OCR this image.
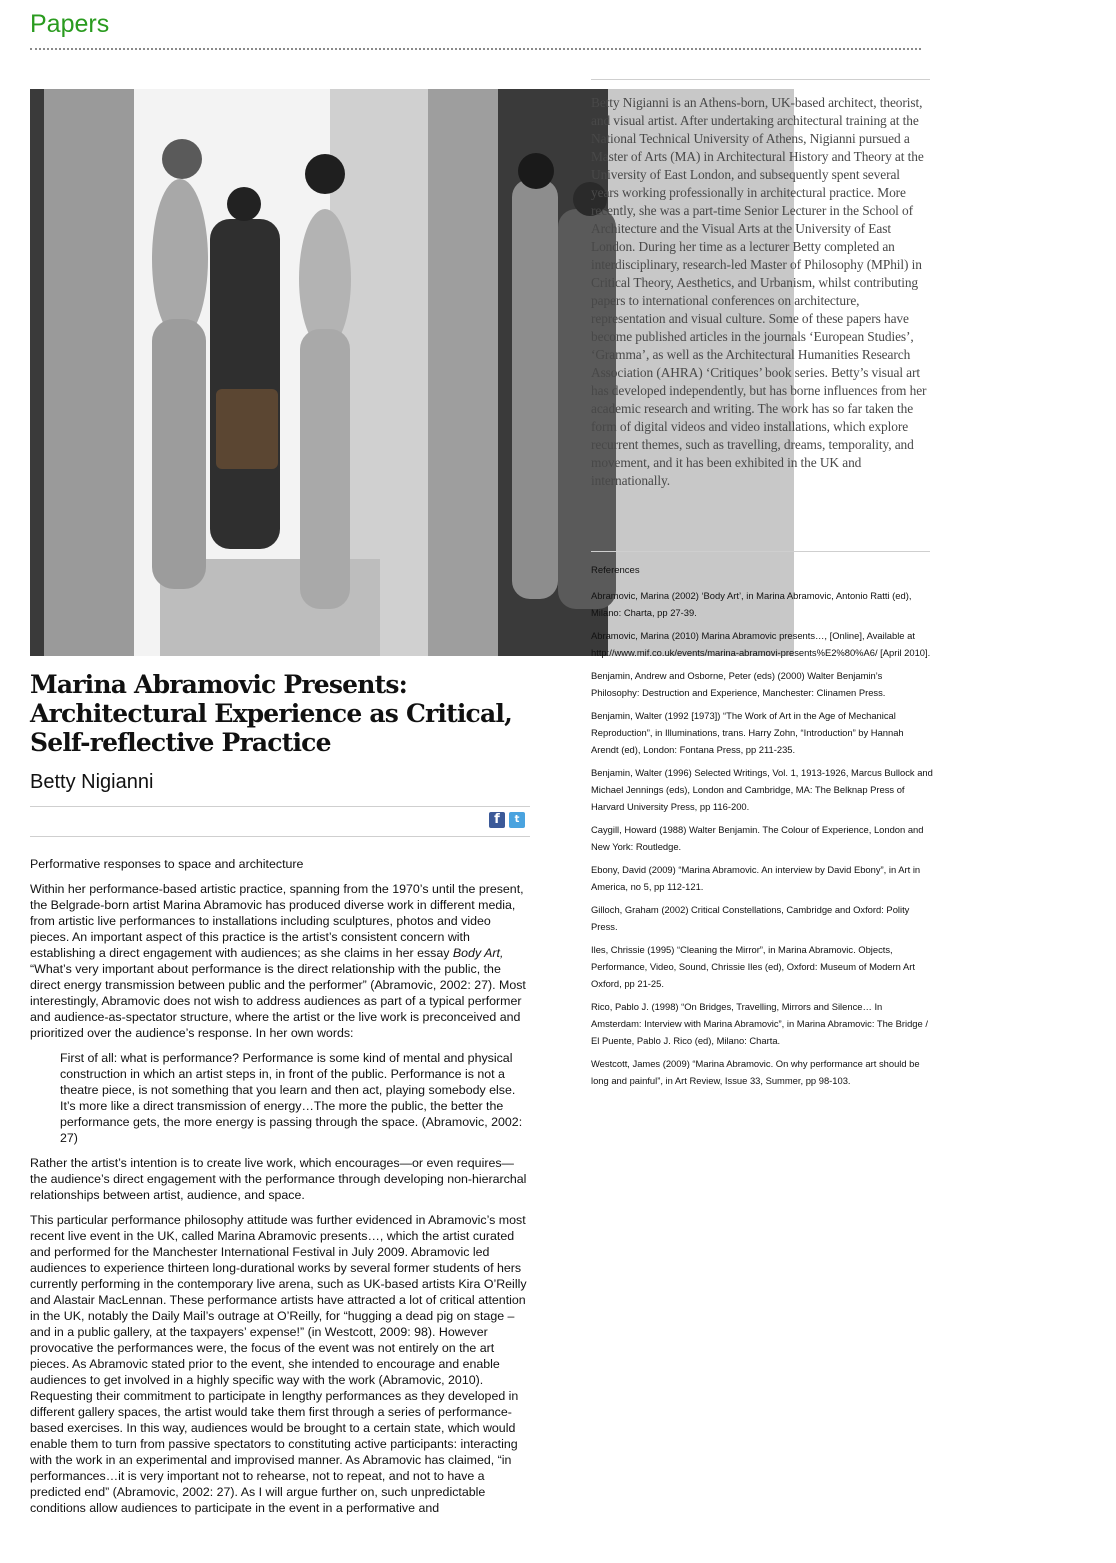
Papers

Betty Nigianni is an Athens-born, UK-based architect, theorist, and visual artist. After undertaking architectural training at the National Technical University of Athens, Nigianni pursued a Master of Arts (MA) in Architectural History and Theory at the University of East London, and subsequently spent several years working professionally in architectural practice. More recently, she was a part-time Senior Lecturer in the School of Architecture and the Visual Arts at the University of East London. During her time as a lecturer Betty completed an interdisciplinary, research-led Master of Philosophy (MPhil) in Critical Theory, Aesthetics, and Urbanism, whilst contributing papers to international conferences on architecture, representation and visual culture. Some of these papers have become published articles in the journals ‘European Studies’, ‘Gramma’, as well as the Architectural Humanities Research Association (AHRA) ‘Critiques’ book series. Betty’s visual art has developed independently, but has borne influences from her academic research and writing. The work has so far taken the form of digital videos and video installations, which explore recurrent themes, such as travelling, dreams, temporality, and movement, and it has been exhibited in the UK and internationally.

References
Abramovic, Marina (2002) ‘Body Art’, in Marina Abramovic, Antonio Ratti (ed), Milano: Charta, pp 27-39.
Abramovic, Marina (2010) Marina Abramovic presents…, [Online], Available at http://www.mif.co.uk/events/marina-abramovi-presents%E2%80%A6/ [April 2010].
Benjamin, Andrew and Osborne, Peter (eds) (2000) Walter Benjamin’s Philosophy: Destruction and Experience, Manchester: Clinamen Press.
Benjamin, Walter (1992 [1973]) “The Work of Art in the Age of Mechanical Reproduction”, in Illuminations, trans. Harry Zohn, “Introduction” by Hannah Arendt (ed), London: Fontana Press, pp 211-235.
Benjamin, Walter (1996) Selected Writings, Vol. 1, 1913-1926, Marcus Bullock and Michael Jennings (eds), London and Cambridge, MA: The Belknap Press of Harvard University Press, pp 116-200.
Caygill, Howard (1988) Walter Benjamin. The Colour of Experience, London and New York: Routledge.
Ebony, David (2009) “Marina Abramovic. An interview by David Ebony”, in Art in America, no 5, pp 112-121.
Gilloch, Graham (2002) Critical Constellations, Cambridge and Oxford: Polity Press.
Iles, Chrissie (1995) “Cleaning the Mirror”, in Marina Abramovic. Objects, Performance, Video, Sound, Chrissie Iles (ed), Oxford: Museum of Modern Art Oxford, pp 21-25.
Rico, Pablo J. (1998) “On Bridges, Travelling, Mirrors and Silence… In Amsterdam: Interview with Marina Abramovic”, in Marina Abramovic: The Bridge / El Puente, Pablo J. Rico (ed), Milano: Charta.
Westcott, James (2009) “Marina Abramovic. On why performance art should be long and painful”, in Art Review, Issue 33, Summer, pp 98-103.
Marina Abramovic Presents: Architectural Experience as Critical, Self-reflective Practice
Betty Nigianni
f	t

Performative responses to space and architecture

Within her performance-based artistic practice, spanning from the 1970’s until the present, the Belgrade-born artist Marina Abramovic has produced diverse work in different media, from artistic live performances to installations including sculptures, photos and video pieces. An important aspect of this practice is the artist’s consistent concern with establishing a direct engagement with audiences; as she claims in her essay Body Art, “What’s very important about performance is the direct relationship with the public, the direct energy transmission between public and the performer” (Abramovic, 2002: 27). Most interestingly, Abramovic does not wish to address audiences as part of a typical performer and audience-as-spectator structure, where the artist or the live work is preconceived and prioritized over the audience’s response. In her own words:

First of all: what is performance? Performance is some kind of mental and physical construction in which an artist steps in, in front of the public. Performance is not a theatre piece, is not something that you learn and then act, playing somebody else. It’s more like a direct transmission of energy…The more the public, the better the performance gets, the more energy is passing through the space. (Abramovic, 2002: 27)

Rather the artist’s intention is to create live work, which encourages—or even requires—the audience’s direct engagement with the performance through developing non-hierarchal relationships between artist, audience, and space.

This particular performance philosophy attitude was further evidenced in Abramovic’s most recent live event in the UK, called Marina Abramovic presents…, which the artist curated and performed for the Manchester International Festival in July 2009. Abramovic led audiences to experience thirteen long-durational works by several former students of hers currently performing in the contemporary live arena, such as UK-based artists Kira O’Reilly and Alastair MacLennan. These performance artists have attracted a lot of critical attention in the UK, notably the Daily Mail’s outrage at O’Reilly, for “hugging a dead pig on stage – and in a public gallery, at the taxpayers’ expense!” (in Westcott, 2009: 98). However provocative the performances were, the focus of the event was not entirely on the art pieces. As Abramovic stated prior to the event, she intended to encourage and enable audiences to get involved in a highly specific way with the work (Abramovic, 2010). Requesting their commitment to participate in lengthy performances as they developed in different gallery spaces, the artist would take them first through a series of performance-based exercises. In this way, audiences would be brought to a certain state, which would enable them to turn from passive spectators to constituting active participants: interacting with the work in an experimental and improvised manner. As Abramovic has claimed, “in performances…it is very important not to rehearse, not to repeat, and not to have a predicted end” (Abramovic, 2002: 27). As I will argue further on, such unpredictable conditions allow audiences to participate in the event in a performative and
